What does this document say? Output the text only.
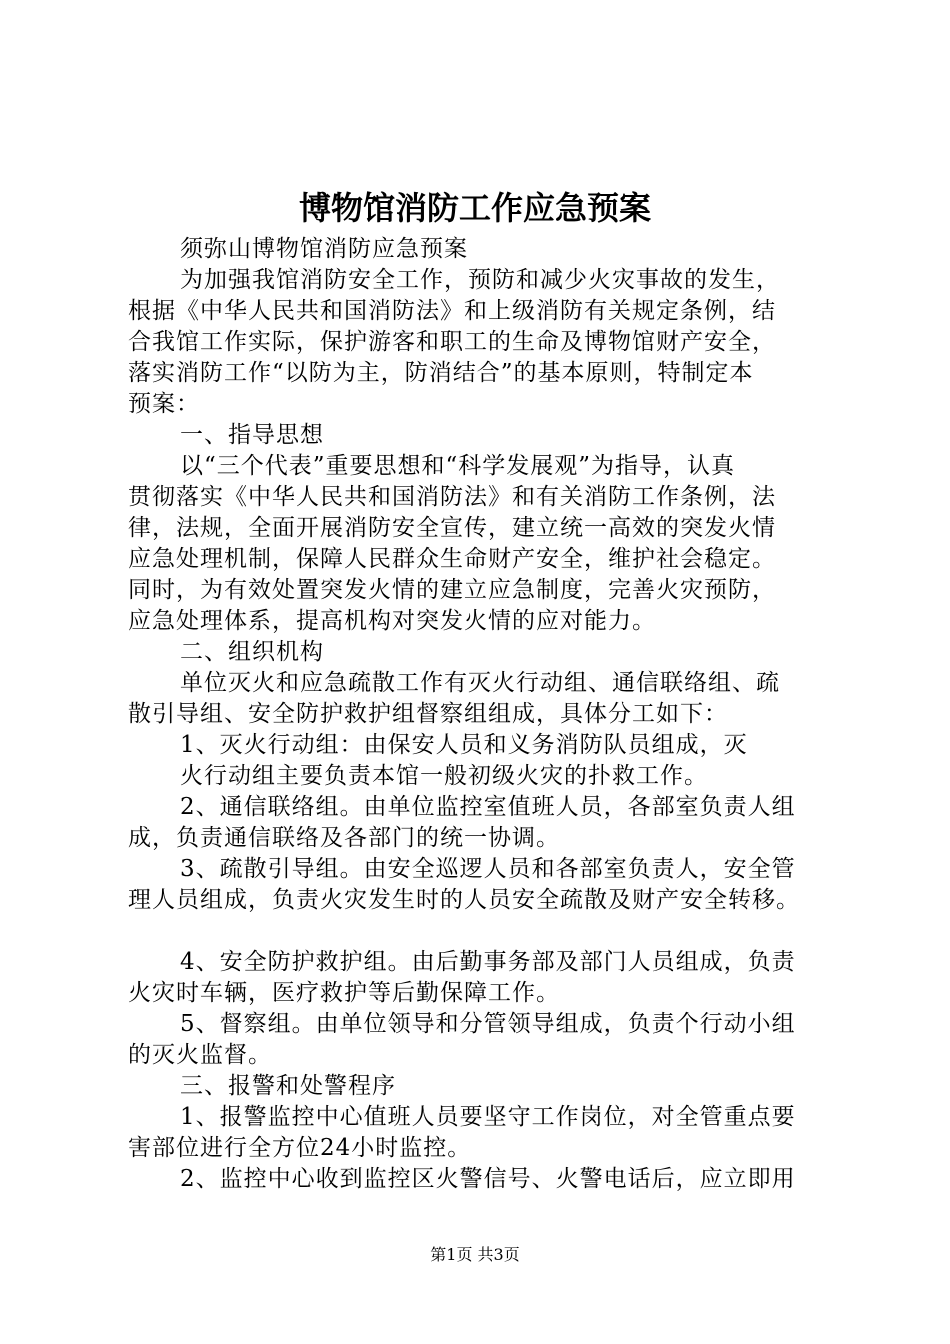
博物馆消防工作应急预案
须弥山博物馆消防应急预案
为加强我馆消防安全工作，预防和减少火灾事故的发生，
根据《中华人民共和国消防法》和上级消防有关规定条例，结
合我馆工作实际，保护游客和职工的生命及博物馆财产安全，
落实消防工作“以防为主，防消结合”的基本原则，特制定本
预案：
一、指导思想
以“三个代表”重要思想和“科学发展观”为指导，认真
贯彻落实《中华人民共和国消防法》和有关消防工作条例，法
律，法规，全面开展消防安全宣传，建立统一高效的突发火情
应急处理机制，保障人民群众生命财产安全，维护社会稳定。
同时，为有效处置突发火情的建立应急制度，完善火灾预防，
应急处理体系，提高机构对突发火情的应对能力。
二、组织机构
单位灭火和应急疏散工作有灭火行动组、通信联络组、疏
散引导组、安全防护救护组督察组组成，具体分工如下：
1、灭火行动组：由保安人员和义务消防队员组成，灭
火行动组主要负责本馆一般初级火灾的扑救工作。
2、通信联络组。由单位监控室值班人员，各部室负责人组
成，负责通信联络及各部门的统一协调。
3、疏散引导组。由安全巡逻人员和各部室负责人，安全管
理人员组成，负责火灾发生时的人员安全疏散及财产安全转移。
4、安全防护救护组。由后勤事务部及部门人员组成，负责
火灾时车辆，医疗救护等后勤保障工作。
5、督察组。由单位领导和分管领导组成，负责个行动小组
的灭火监督。
三、报警和处警程序
1、报警监控中心值班人员要坚守工作岗位，对全管重点要
害部位进行全方位24小时监控。
2、监控中心收到监控区火警信号、火警电话后，应立即用
第1页 共3页
